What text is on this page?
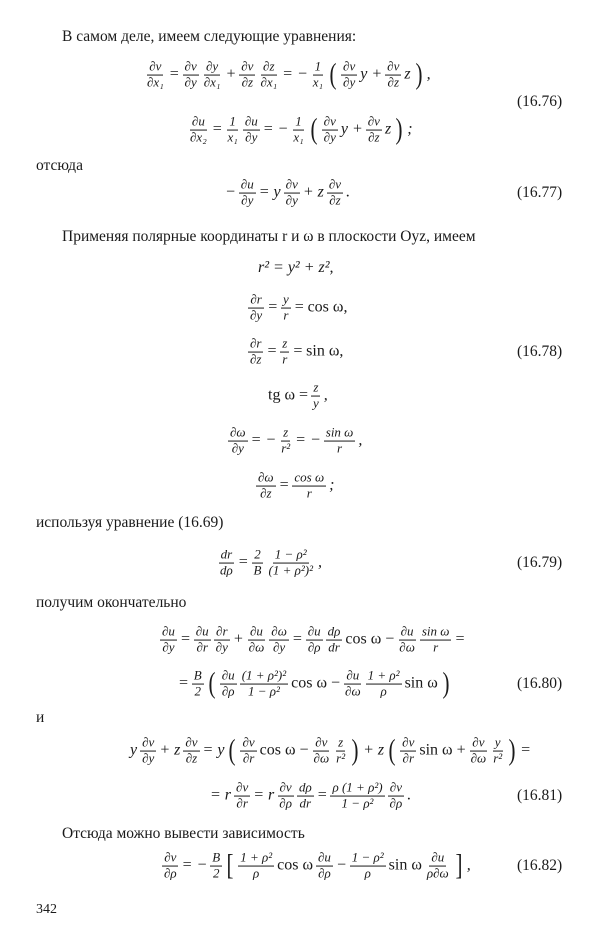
В самом деле, имеем следующие уравнения:
$\frac{\partial v}{\text{∂x₁}} = \frac{\partial v}{\partial y} \frac{\partial y}{\text{∂x₁}} + \frac{\partial v}{\partial z} \frac{\partial z}{\text{∂x₁}}$ = − $\frac{1}{\text{x₁}}$ ( $\frac{\partial v}{\partial y}$ $y + \frac{\partial v}{\partial z}$ z ) ,
$\frac{\partial u}{\text{∂x₂}} = \frac{1}{\text{x₁}} \frac{\partial u}{\partial y}$ = − $\frac{1}{\text{x₁}}$ ( $\frac{\partial v}{\partial y}$ $y + \frac{\partial v}{\partial z}$ z ) ;
(16.76)
отсюда
− $\frac{\partial u}{\partial y} = y \frac{\partial v}{\partial y} + z \frac{\partial v}{\partial z}$ .	(16.77)
Применяя полярные координаты r и ω в плоскости Oyz, имеем
r² = y² + z²,
$\frac{\partial r}{\partial y} = \frac{y}{r} = \cos \omega$,
$\frac{\partial r}{\partial z} = \frac{z}{r} = \sin \omega$,
tg $\omega = \frac{z}{y}$ ,
$\frac{\partial\omega}{\partial y}$ = − $\frac{z}{\text{r²}}$ = − $\frac{\text{sin ω}}{r}$ ,
$\frac{\partial\omega}{\partial z} = \frac{\text{cos ω}}{r}$ ;
(16.78)
используя уравнение (16.69)
$\frac{dr}{d\rho} = \frac{2}{B} \frac{\text{1 − ρ²}}{\text{(1 + ρ²)²}}$ ,	(16.79)
получим окончательно
$\frac{\partial u}{\partial y} = \frac{\partial u}{\partial r} \frac{\partial r}{\partial y} + \frac{\partial u}{\partial\omega} \frac{\partial\omega}{\partial y} = \frac{\partial u}{\partial\rho} \frac{d\rho}{dr}$ $\cos \omega - \frac{\partial u}{\partial\omega} \frac{\text{sin ω}}{r}$ =
= $\frac{B}{2}$ ( $\frac{\partial u}{\partial\rho} \frac{\text{(1 + ρ²)²}}{\text{1 − ρ²}}$ $\cos \omega - \frac{\partial u}{\partial\omega} \frac{\text{1 + ρ²}}{\rho}$ sin ω )	(16.80)
и
y $\frac{\partial v}{\partial y} + z \frac{\partial v}{\partial z} = y$ ( $\frac{\partial v}{\partial r}$ $\cos \omega - \frac{\partial v}{\partial\omega} \frac{z}{\text{r²}}$ ) + z ( $\frac{\partial v}{\partial r}$ $\sin \omega + \frac{\partial v}{\partial\omega} \frac{y}{\text{r²}}$ ) =
= r $\frac{\partial v}{\partial r} = r \frac{\partial v}{\partial\rho} \frac{d\rho}{dr} = \frac{\text{ρ (1 + ρ²)}}{\text{1 − ρ²}} \frac{\partial v}{\partial\rho}$ .	(16.81)
Отсюда можно вывести зависимость
$\frac{\partial v}{\partial\rho}$ = − $\frac{B}{2}$ [ $\frac{\text{1 + ρ²}}{\rho}$ cos ω $\frac{\partial u}{\partial\rho} - \frac{\text{1 − ρ²}}{\rho}$ sin ω $\frac{\partial u}{\rho\partial\omega}$ ] ,	(16.82)
342
